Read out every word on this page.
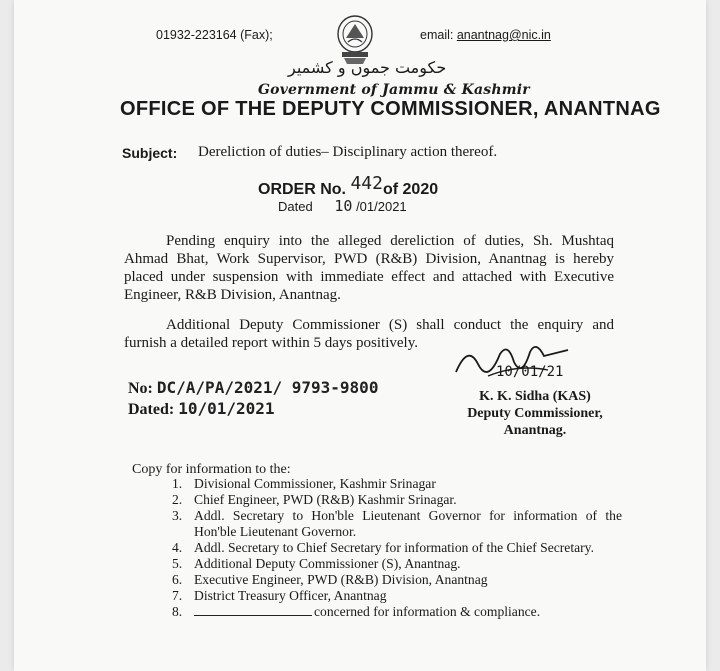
01932-223164 (Fax);	email: anantnag@nic.in
حکومت جموں و کشمیر
Government of Jammu & Kashmir
OFFICE OF THE DEPUTY COMMISSIONER, ANANTNAG
Subject: Dereliction of duties– Disciplinary action thereof.
ORDER No. 442of 2020
Dated 10 /01/2021
Pending enquiry into the alleged dereliction of duties, Sh. Mushtaq Ahmad Bhat, Work Supervisor, PWD (R&B) Division, Anantnag is hereby placed under suspension with immediate effect and attached with Executive Engineer, R&B Division, Anantnag.
Additional Deputy Commissioner (S) shall conduct the enquiry and furnish a detailed report within 5 days positively.
No: DC/A/PA/2021/ 9793-9800
Dated: 10/01/2021
10/01/21
K. K. Sidha (KAS)
Deputy Commissioner,
Anantnag.
Copy for information to the:
1. Divisional Commissioner, Kashmir Srinagar
2. Chief Engineer, PWD (R&B) Kashmir Srinagar.
3. Addl. Secretary to Hon'ble Lieutenant Governor for information of the Hon'ble Lieutenant Governor.
4. Addl. Secretary to Chief Secretary for information of the Chief Secretary.
5. Additional Deputy Commissioner (S), Anantnag.
6. Executive Engineer, PWD (R&B) Division, Anantnag
7. District Treasury Officer, Anantnag
8.	concerned for information & compliance.
